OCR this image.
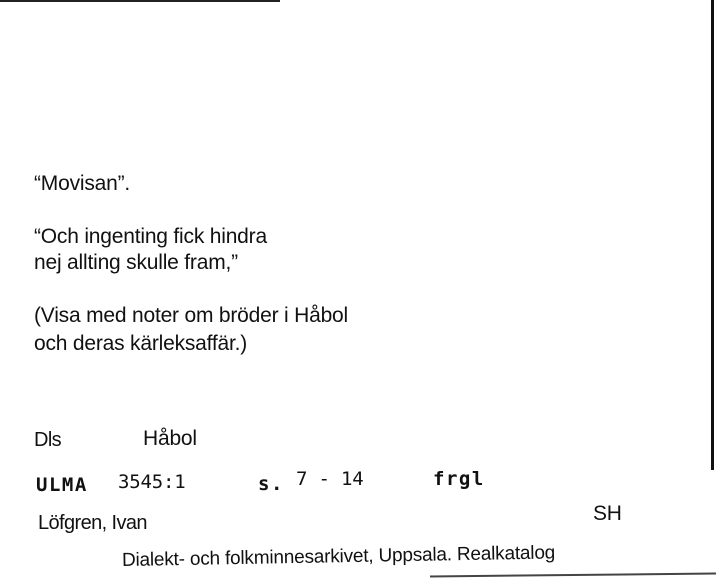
“Movisan”.
“Och ingenting fick hindra
nej allting skulle fram,”
(Visa med noter om bröder i Håbol
och deras kärleksaffär.)
Dls	Håbol
ULMA 3545:1	s. 7 - 14	frgl
Löfgren, Ivan	SH
Dialekt- och folkminnesarkivet, Uppsala. Realkatalog
